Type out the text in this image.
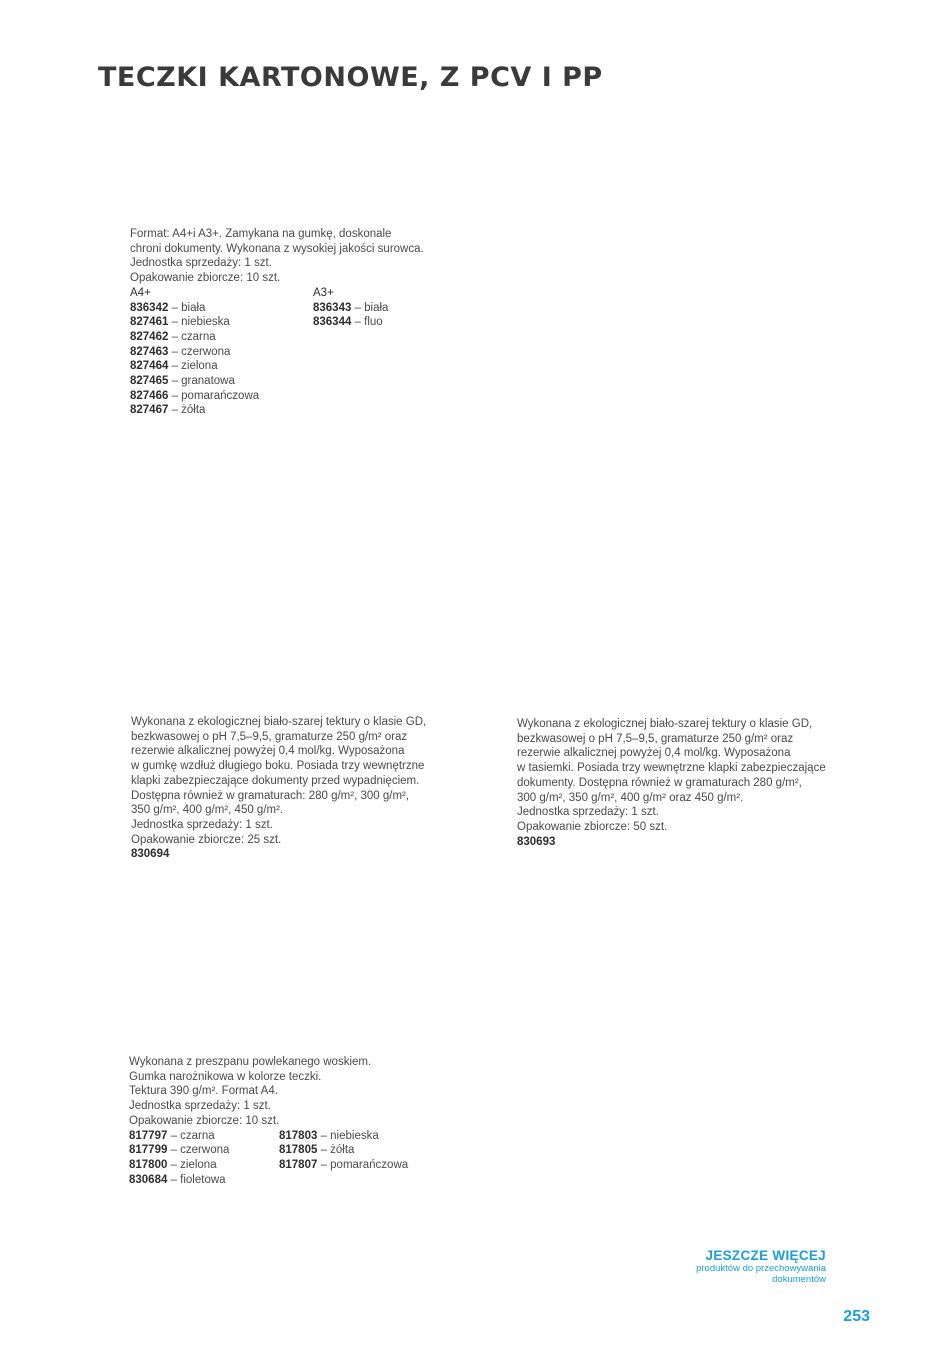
TECZKI KARTONOWE, Z PCV I PP
Format: A4+i A3+. Zamykana na gumkę, doskonale
chroni dokumenty. Wykonana z wysokiej jakości surowca.
Jednostka sprzedaży: 1 szt.
Opakowanie zbiorcze: 10 szt.
A4+
836342 – biała
827461 – niebieska
827462 – czarna
827463 – czerwona
827464 – zielona
827465 – granatowa
827466 – pomarańczowa
827467 – żółta
A3+
836343 – biała
836344 – fluo
Wykonana z ekologicznej biało-szarej tektury o klasie GD,
bezkwasowej o pH 7,5–9,5, gramaturze 250 g/m² oraz
rezerwie alkalicznej powyżej 0,4 mol/kg. Wyposażona
w gumkę wzdłuż długiego boku. Posiada trzy wewnętrzne
klapki zabezpieczające dokumenty przed wypadnięciem.
Dostępna również w gramaturach: 280 g/m², 300 g/m²,
350 g/m², 400 g/m², 450 g/m².
Jednostka sprzedaży: 1 szt.
Opakowanie zbiorcze: 25 szt.
830694
Wykonana z ekologicznej biało-szarej tektury o klasie GD,
bezkwasowej o pH 7,5–9,5, gramaturze 250 g/m² oraz
rezerwie alkalicznej powyżej 0,4 mol/kg. Wyposażona
w tasiemki. Posiada trzy wewnętrzne klapki zabezpieczające
dokumenty. Dostępna również w gramaturach 280 g/m²,
300 g/m², 350 g/m², 400 g/m² oraz 450 g/m².
Jednostka sprzedaży: 1 szt.
Opakowanie zbiorcze: 50 szt.
830693
Wykonana z preszpanu powlekanego woskiem.
Gumka narożnikowa w kolorze teczki.
Tektura 390 g/m². Format A4.
Jednostka sprzedaży: 1 szt.
Opakowanie zbiorcze: 10 szt.
817797 – czarna
817799 – czerwona
817800 – zielona
830684 – fioletowa
817803 – niebieska
817805 – żółta
817807 – pomarańczowa
JESZCZE WIĘCEJ
produktów do przechowywania
dokumentów
253
